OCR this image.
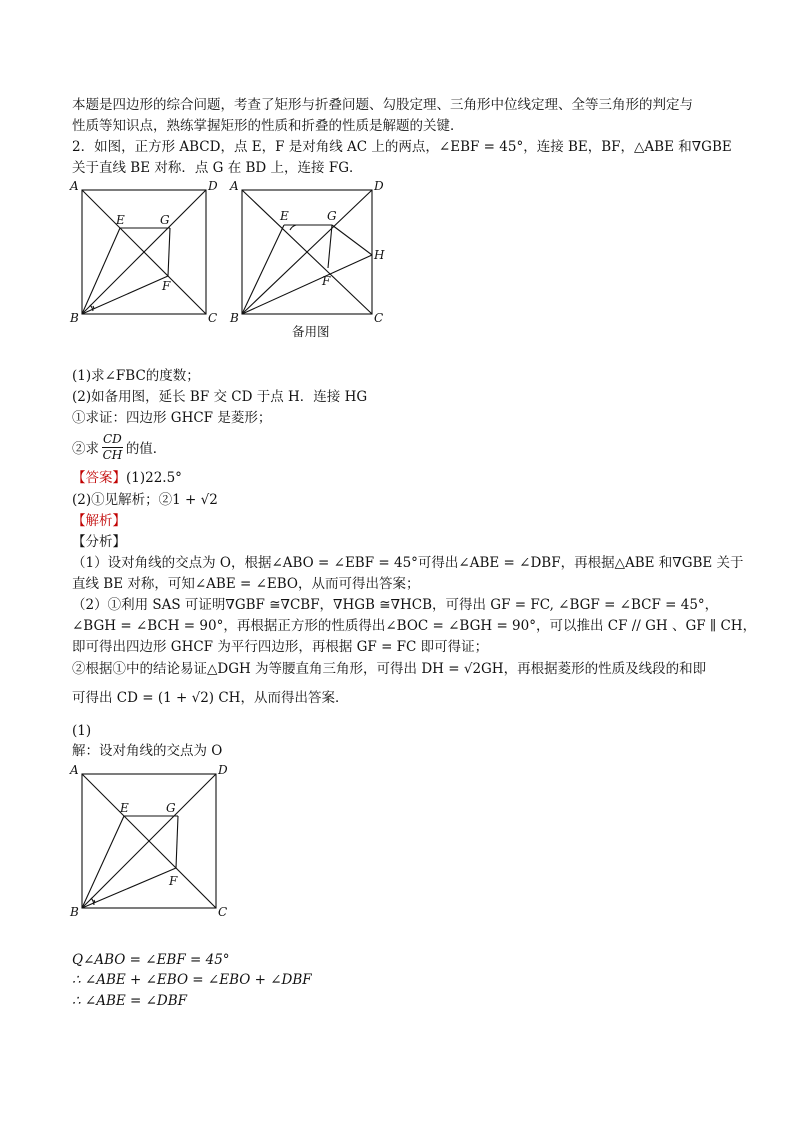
本题是四边形的综合问题，考查了矩形与折叠问题、勾股定理、三角形中位线定理、全等三角形的判定与
性质等知识点，熟练掌握矩形的性质和折叠的性质是解题的关键．
2．如图，正方形 ABCD，点 E，F 是对角线 AC 上的两点，∠EBF = 45°，连接 BE，BF，△ABE 和∇GBE
关于直线 BE 对称．点 G 在 BD 上，连接 FG．
A	D
B	C
E	G
F
A	D
B	C
E	G
F
H
备用图
(1)求∠FBC的度数；
(2)如备用图，延长 BF 交 CD 于点 H．连接 HG
①求证：四边形 GHCF 是菱形；
②求 $\frac{CD}{CH}$ 的值．
【答案】(1)22.5°
(2)①见解析；②1 + √2
【解析】
【分析】
（1）设对角线的交点为 O，根据∠ABO = ∠EBF = 45°可得出∠ABE = ∠DBF，再根据△ABE 和∇GBE 关于
直线 BE 对称，可知∠ABE = ∠EBO，从而可得出答案；
（2）①利用 SAS 可证明∇GBF ≅∇CBF，∇HGB ≅∇HCB，可得出 GF = FC, ∠BGF = ∠BCF = 45°，
∠BGH = ∠BCH = 90°，再根据正方形的性质得出∠BOC = ∠BGH = 90°，可以推出 CF // GH 、GF ∥ CH，
即可得出四边形 GHCF 为平行四边形，再根据 GF = FC 即可得证；
②根据①中的结论易证△DGH 为等腰直角三角形，可得出 DH = √2GH，再根据菱形的性质及线段的和即
可得出 CD = (1 + √2) CH，从而得出答案．
(1)
解：设对角线的交点为 O
A	D
B	C
E	G
F
Q∠ABO = ∠EBF = 45°
∴ ∠ABE + ∠EBO = ∠EBO + ∠DBF
∴ ∠ABE = ∠DBF
